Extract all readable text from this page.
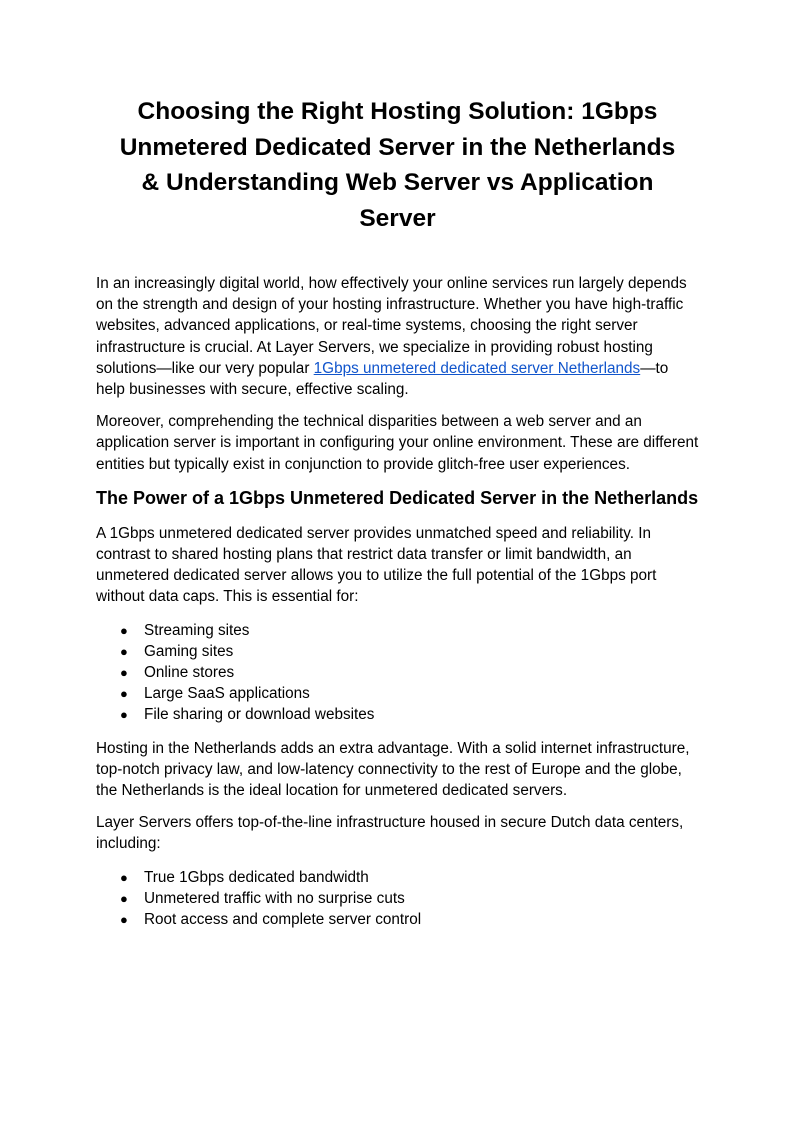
Choosing the Right Hosting Solution: 1Gbps Unmetered Dedicated Server in the Netherlands & Understanding Web Server vs Application Server

In an increasingly digital world, how effectively your online services run largely depends on the strength and design of your hosting infrastructure. Whether you have high-traffic websites, advanced applications, or real-time systems, choosing the right server infrastructure is crucial. At Layer Servers, we specialize in providing robust hosting solutions—like our very popular 1Gbps unmetered dedicated server Netherlands—to help businesses with secure, effective scaling.

Moreover, comprehending the technical disparities between a web server and an application server is important in configuring your online environment. These are different entities but typically exist in conjunction to provide glitch-free user experiences.

The Power of a 1Gbps Unmetered Dedicated Server in the Netherlands

A 1Gbps unmetered dedicated server provides unmatched speed and reliability. In contrast to shared hosting plans that restrict data transfer or limit bandwidth, an unmetered dedicated server allows you to utilize the full potential of the 1Gbps port without data caps. This is essential for:

● Streaming sites
● Gaming sites
● Online stores
● Large SaaS applications
● File sharing or download websites

Hosting in the Netherlands adds an extra advantage. With a solid internet infrastructure, top-notch privacy law, and low-latency connectivity to the rest of Europe and the globe, the Netherlands is the ideal location for unmetered dedicated servers.

Layer Servers offers top-of-the-line infrastructure housed in secure Dutch data centers, including:

● True 1Gbps dedicated bandwidth
● Unmetered traffic with no surprise cuts
● Root access and complete server control
